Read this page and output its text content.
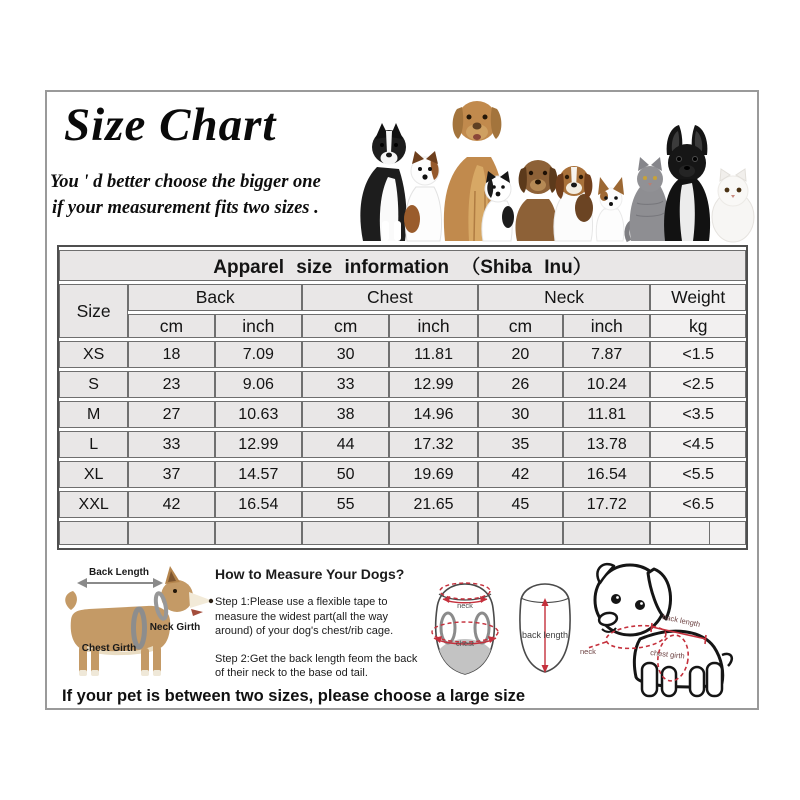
Size Chart
You ' d better choose the bigger one
if your measurement fits two sizes .
Apparel size information （Shiba Inu）							
Size	Back		Chest		Neck		Weight
	cm	inch	cm	inch	cm	inch	kg
XS	18	7.09	30	11.81	20	7.87	<1.5
S	23	9.06	33	12.99	26	10.24	<2.5
M	27	10.63	38	14.96	30	11.81	<3.5
L	33	12.99	44	17.32	35	13.78	<4.5
XL	37	14.57	50	19.69	42	16.54	<5.5
XXL	42	16.54	55	21.65	45	17.72	<6.5

Back Length
Neck Girth
Chest Girth
How to Measure Your Dogs?

Step 1:Please use a flexible tape to measure the widest part(all the way around) of your dog's chest/rib cage.

Step 2:Get the back length feom the back of their neck to the base od tail.

neck
chest
back length
neck	chest girth
back length
If your pet is between two sizes, please choose a large size
